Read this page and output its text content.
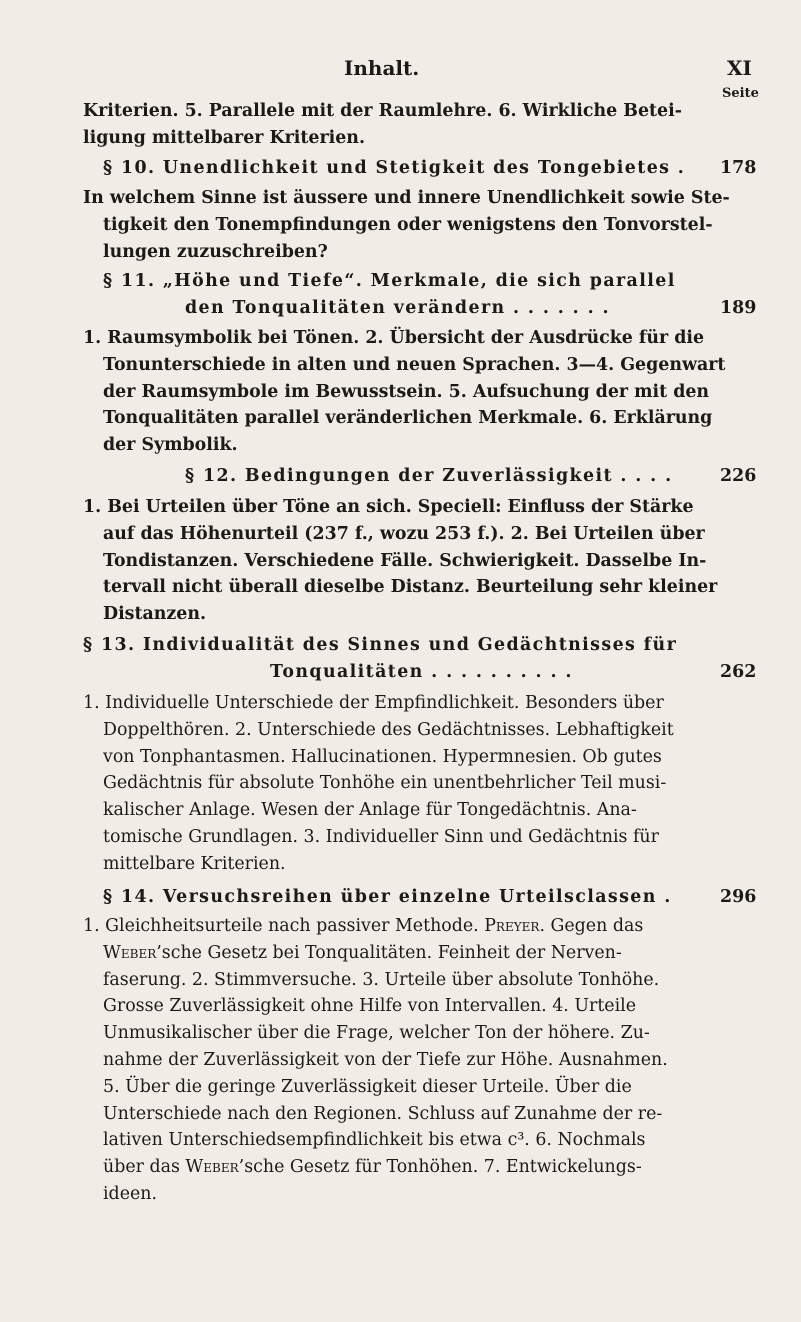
Inhalt.	XI
Seite

Kriterien. 5. Parallele mit der Raumlehre. 6. Wirkliche Betei-

ligung mittelbarer Kriterien.

§ 10. Unendlichkeit und Stetigkeit des Tongebietes . 178

In welchem Sinne ist äussere und innere Unendlichkeit sowie Ste-

tigkeit den Tonempfindungen oder wenigstens den Tonvorstel-

lungen zuzuschreiben?

§ 11. „Höhe und Tiefe“. Merkmale, die sich parallel
den Tonqualitäten verändern . . . . . . .	189

1. Raumsymbolik bei Tönen. 2. Übersicht der Ausdrücke für die

Tonunterschiede in alten und neuen Sprachen. 3—4. Gegenwart

der Raumsymbole im Bewusstsein. 5. Aufsuchung der mit den

Tonqualitäten parallel veränderlichen Merkmale. 6. Erklärung

der Symbolik.

§ 12. Bedingungen der Zuverlässigkeit . . . .	226

1. Bei Urteilen über Töne an sich. Speciell: Einfluss der Stärke

auf das Höhenurteil (237 f., wozu 253 f.). 2. Bei Urteilen über

Tondistanzen. Verschiedene Fälle. Schwierigkeit. Dasselbe In-

tervall nicht überall dieselbe Distanz. Beurteilung sehr kleiner

Distanzen.

§ 13. Individualität des Sinnes und Gedächtnisses für
Tonqualitäten . . . . . . . . . .	262

1. Individuelle Unterschiede der Empfindlichkeit. Besonders über

Doppelthören. 2. Unterschiede des Gedächtnisses. Lebhaftigkeit

von Tonphantasmen. Hallucinationen. Hypermnesien. Ob gutes

Gedächtnis für absolute Tonhöhe ein unentbehrlicher Teil musi-

kalischer Anlage. Wesen der Anlage für Tongedächtnis. Ana-

tomische Grundlagen. 3. Individueller Sinn und Gedächtnis für

mittelbare Kriterien.

§ 14. Versuchsreihen über einzelne Urteilsclassen .	296

1. Gleichheitsurteile nach passiver Methode. Preyer. Gegen das

Weber’sche Gesetz bei Tonqualitäten. Feinheit der Nerven-

faserung. 2. Stimmversuche. 3. Urteile über absolute Tonhöhe.

Grosse Zuverlässigkeit ohne Hilfe von Intervallen. 4. Urteile

Unmusikalischer über die Frage, welcher Ton der höhere. Zu-

nahme der Zuverlässigkeit von der Tiefe zur Höhe. Ausnahmen.

5. Über die geringe Zuverlässigkeit dieser Urteile. Über die

Unterschiede nach den Regionen. Schluss auf Zunahme der re-

lativen Unterschiedsempfindlichkeit bis etwa c³. 6. Nochmals

über das Weber’sche Gesetz für Tonhöhen. 7. Entwickelungs-

ideen.
